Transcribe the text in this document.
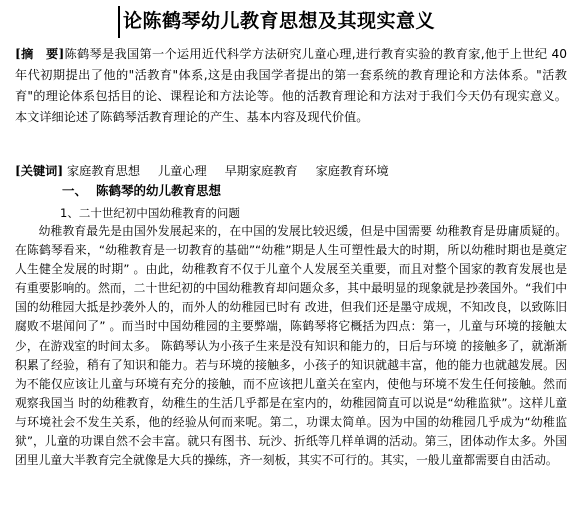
论陈鹤琴幼儿教育思想及其现实意义
[摘　要]陈鹤琴是我国第一个运用近代科学方法研究儿童心理,进行教育实验的教育家,他于上世纪 40 年代初期提出了他的"活教育"体系,这是由我国学者提出的第一套系统的教育理论和方法体系。"活教育"的理论体系包括目的论、课程论和方法论等。他的活教育理论和方法对于我们今天仍有现实意义。本文详细论述了陈鹤琴活教育理论的产生、基本内容及现代价值。
[关键词] 家庭教育思想 儿童心理 早期家庭教育 家庭教育环境
一、 陈鹤琴的幼儿教育思想
1、二十世纪初中国幼稚教育的问题
幼稚教育最先是由国外发展起来的，在中国的发展比较迟缓，但是中国需要 幼稚教育是毋庸质疑的。在陈鹤琴看来，“幼稚教育是一切教育的基础”“幼稚”期是人生可塑性最大的时期，所以幼稚时期也是奠定人生健全发展的时期” 。由此，幼稚教育不仅于儿童个人发展至关重要，而且对整个国家的教育发展也是有重要影响的。然而，二十世纪初的中国幼稚教育却问题众多，其中最明显的现象就是抄袭国外。“我们中国的幼稚园大抵是抄袭外人的，而外人的幼稚园已时有 改进，但我们还是墨守成规，不知改良，以致陈旧腐败不堪闻问了” 。而当时中国幼稚园的主要弊端，陈鹤琴将它概括为四点：第一，儿童与环境的接触太少，在游戏室的时间太多。 陈鹤琴认为小孩子生来是没有知识和能力的，日后与环境 的接触多了，就渐渐积累了经验，稍有了知识和能力。若与环境的接触多，小孩子的知识就越丰富，他的能力也就越发展。因为不能仅应该让儿童与环境有充分的接触，而不应该把儿童关在室内，使他与环境不发生任何接触。然而观察我国当 时的幼稚教育，幼稚生的生活几乎都是在室内的，幼稚园简直可以说是“幼稚监狱”。这样儿童与环境社会不发生关系，他的经验从何而来呢。第二，功课太简单。因为中国的幼稚园几乎成为“幼稚监狱”，儿童的功课自然不会丰富。就只有图书、玩沙、折纸等几样单调的活动。第三，团体动作太多。外国团里儿童大半教育完全就像是大兵的操练，齐一刻板，其实不可行的。其实，一般儿童都需要自由活动。
